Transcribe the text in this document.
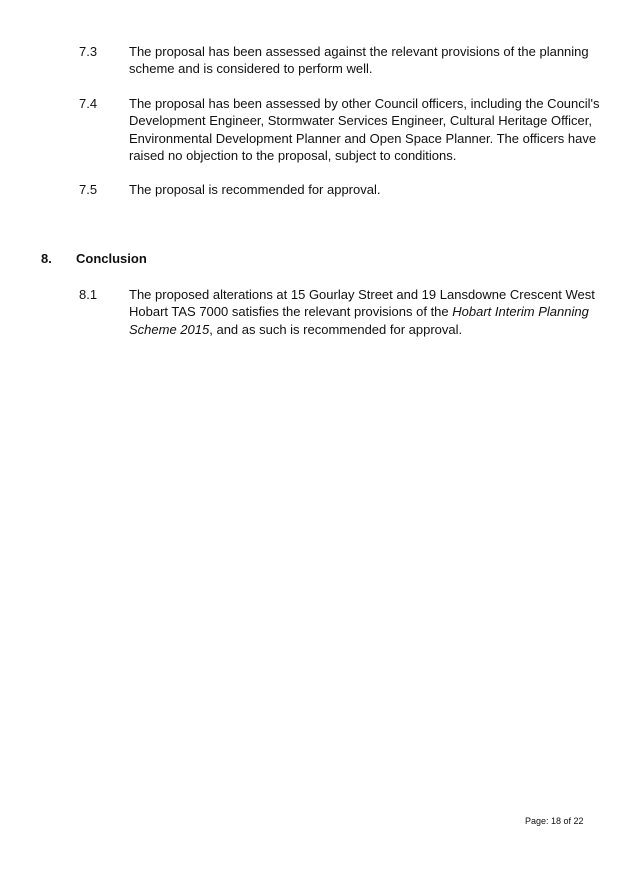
7.3 The proposal has been assessed against the relevant provisions of the planning
scheme and is considered to perform well.
7.4 The proposal has been assessed by other Council officers, including the Council's
Development Engineer, Stormwater Services Engineer, Cultural Heritage Officer,
Environmental Development Planner and Open Space Planner. The officers have
raised no objection to the proposal, subject to conditions.
7.5 The proposal is recommended for approval.
8. Conclusion
8.1 The proposed alterations at 15 Gourlay Street and 19 Lansdowne Crescent West
Hobart TAS 7000 satisfies the relevant provisions of the Hobart Interim Planning
Scheme 2015, and as such is recommended for approval.
Page: 18 of 22
